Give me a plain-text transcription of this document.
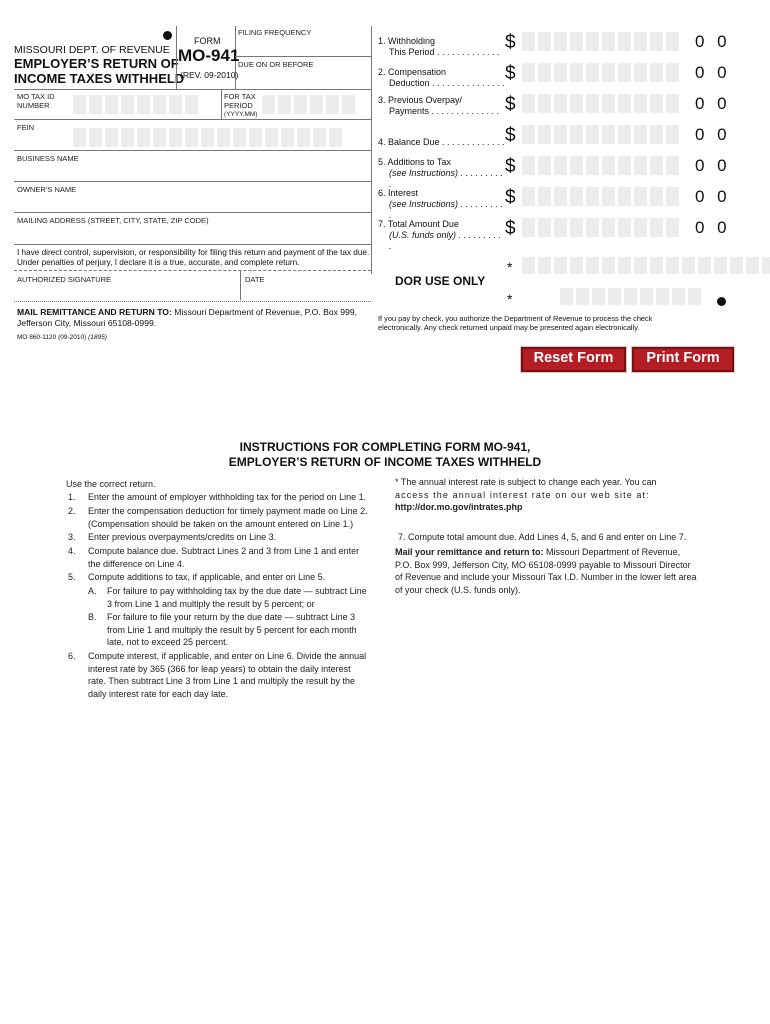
MISSOURI DEPT. OF REVENUE
EMPLOYER’S RETURN OF
INCOME TAXES WITHHELD
FORM
MO-941
(REV. 09-2010)
FILING FREQUENCY
DUE ON OR BEFORE
MO TAX ID
NUMBER
FOR TAX
PERIOD
(YYYY,MM)
FEIN
BUSINESS NAME
OWNER’S NAME
MAILING ADDRESS (STREET, CITY, STATE, ZIP CODE)
I have direct control, supervision, or responsibility for filing this return and payment of the tax due.
Under penalties of perjury, I declare it is a true, accurate, and complete return.
AUTHORIZED SIGNATURE	DATE
MAIL REMITTANCE AND RETURN TO: Missouri Department of Revenue, P.O. Box 999,
Jefferson City, Missouri 65108-0999.
MO 860-1120 (09-2010) (1895)
1. Withholding
This Period . . . . . . . . . . . . .
2. Compensation
Deduction . . . . . . . . . . . . . . .
3. Previous Overpay/
Payments . . . . . . . . . . . . . .
4. Balance Due . . . . . . . . . . . . .
5. Additions to Tax
(see Instructions) . . . . . . . . . .
6. Interest
(see Instructions) . . . . . . . . . .
7. Total Amount Due
(U.S. funds only) . . . . . . . . . .
$
$
$
$
$
$
$
0 0
0 0
0 0
0 0
0 0
0 0
0 0
*
DOR USE ONLY
*
If you pay by check, you authorize the Department of Revenue to process the check
electronically. Any check returned unpaid may be presented again electronically.
Reset Form	Print Form
INSTRUCTIONS FOR COMPLETING FORM MO-941,
EMPLOYER’S RETURN OF INCOME TAXES WITHHELD
Use the correct return.
1. Enter the amount of employer withholding tax for the period on Line 1.
2. Enter the compensation deduction for timely payment made on Line 2.
(Compensation should be taken on the amount entered on Line 1.)
3. Enter previous overpayments/credits on Line 3.
4. Compute balance due. Subtract Lines 2 and 3 from Line 1 and enter
the difference on Line 4.
5. Compute additions to tax, if applicable, and enter on Line 5.
A. For failure to pay withholding tax by the due date — subtract Line
3 from Line 1 and multiply the result by 5 percent; or
B. For failure to file your return by the due date — subtract Line 3
from Line 1 and multiply the result by 5 percent for each month
late, not to exceed 25 percent.
6. Compute interest, if applicable, and enter on Line 6. Divide the annual
interest rate by 365 (366 for leap years) to obtain the daily interest
rate. Then subtract Line 3 from Line 1 and multiply the result by the
daily interest rate for each day late.
* The annual interest rate is subject to change each year. You can
access the annual interest rate on our web site at:
http://dor.mo.gov/intrates.php
7. Compute total amount due. Add Lines 4, 5, and 6 and enter on Line 7.
Mail your remittance and return to: Missouri Department of Revenue,
P.O. Box 999, Jefferson City, MO 65108-0999 payable to Missouri Director
of Revenue and include your Missouri Tax I.D. Number in the lower left area
of your check (U.S. funds only).
